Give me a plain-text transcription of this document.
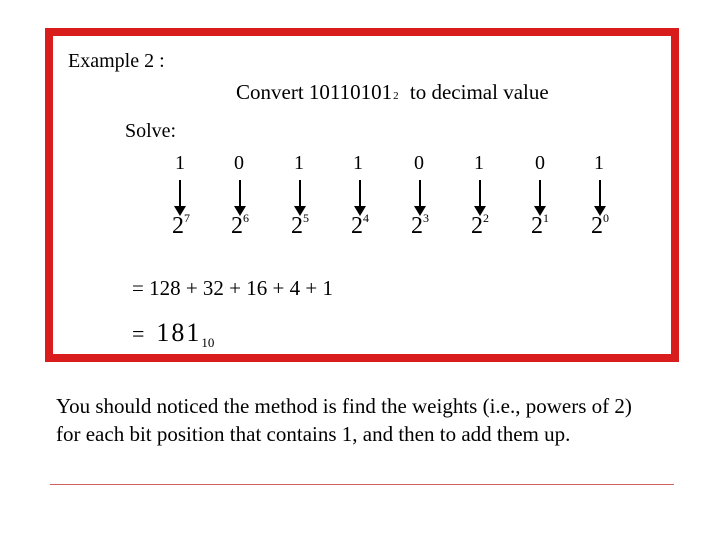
Example 2 :
Convert 101101012 to decimal value
Solve:
1	0	1	1	0	1	0	1
$2^7$ $2^6$ $2^5$ $2^4$ $2^3$ $2^2$ $2^1$ $2^0$
= 128 + 32 + 16 + 4 + 1
= $181_{10}$
You should noticed the method is find the weights (i.e., powers of 2) for each bit position that contains 1, and then to add them up.
